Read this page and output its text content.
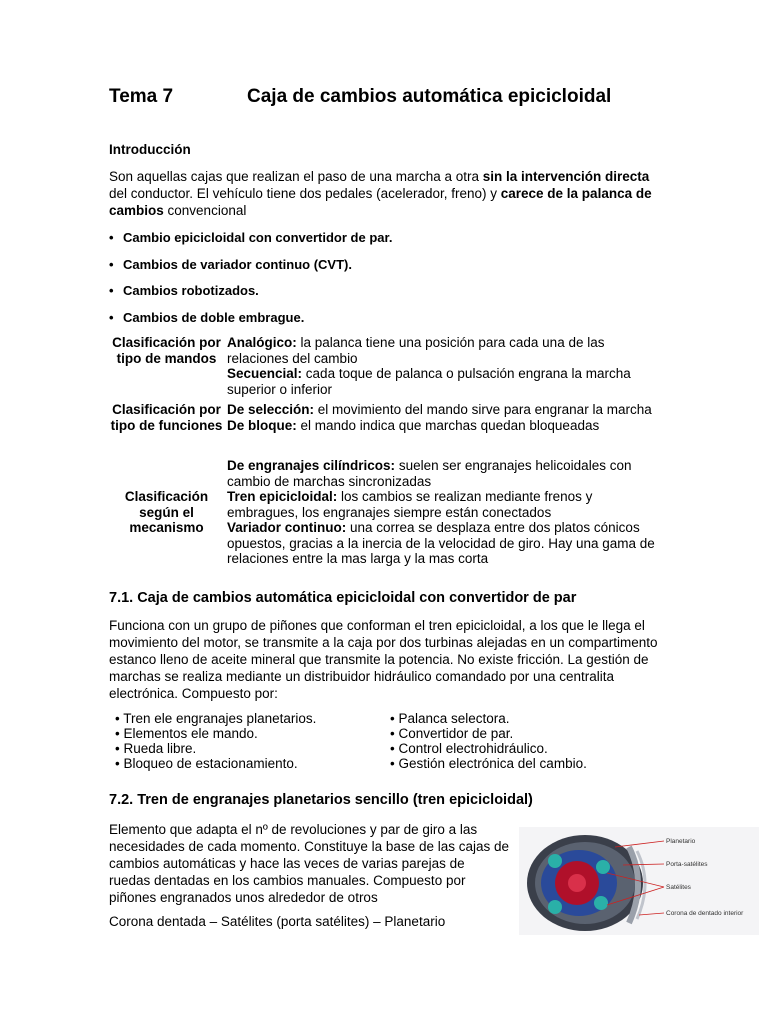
Tema 7	Caja de cambios automática epicicloidal
Introducción
Son aquellas cajas que realizan el paso de una marcha a otra sin la intervención directa del conductor. El vehículo tiene dos pedales (acelerador, freno) y carece de la palanca de cambios convencional
• Cambio epicicloidal con convertidor de par.
• Cambios de variador continuo (CVT).
• Cambios robotizados.
• Cambios de doble embrague.
Clasificación por tipo de mandos
Analógico: la palanca tiene una posición para cada una de las relaciones del cambio
Secuencial: cada toque de palanca o pulsación engrana la marcha superior o inferior
Clasificación por tipo de funciones
De selección: el movimiento del mando sirve para engranar la marcha
De bloque: el mando indica que marchas quedan bloqueadas
Clasificación según el mecanismo
De engranajes cilíndricos: suelen ser engranajes helicoidales con cambio de marchas sincronizadas
Tren epicicloidal: los cambios se realizan mediante frenos y embragues, los engranajes siempre están conectados
Variador continuo: una correa se desplaza entre dos platos cónicos opuestos, gracias a la inercia de la velocidad de giro. Hay una gama de relaciones entre la mas larga y la mas corta
7.1. Caja de cambios automática epicicloidal con convertidor de par
Funciona con un grupo de piñones que conforman el tren epicicloidal, a los que le llega el movimiento del motor, se transmite a la caja por dos turbinas alejadas en un compartimento estanco lleno de aceite mineral que transmite la potencia. No existe fricción. La gestión de marchas se realiza mediante un distribuidor hidráulico comandado por una centralita electrónica. Compuesto por:
• Tren ele engranajes planetarios.
• Elementos ele mando.
• Rueda libre.
• Bloqueo de estacionamiento.
• Palanca selectora.
• Convertidor de par.
• Control electrohidráulico.
• Gestión electrónica del cambio.
7.2. Tren de engranajes planetarios sencillo (tren epicicloidal)
Elemento que adapta el nº de revoluciones y par de giro a las necesidades de cada momento. Constituye la base de las cajas de cambios automáticas y hace las veces de varias parejas de ruedas dentadas en los cambios manuales. Compuesto por piñones engranados unos alrededor de otros
Corona dentada – Satélites (porta satélites) – Planetario
Planetario
Porta-satélites
Satélites
Corona de dentado interior
